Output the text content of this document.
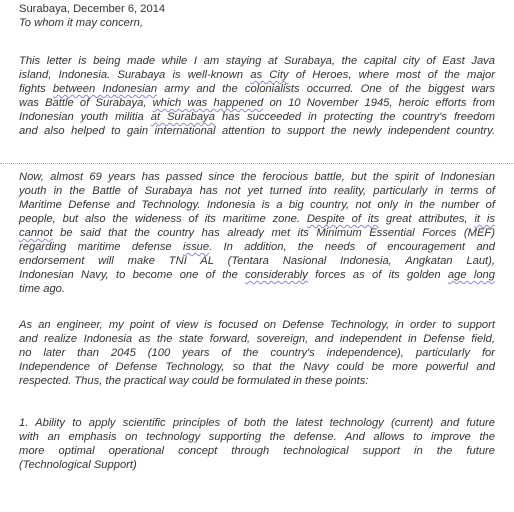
Surabaya, December 6, 2014
To whom it may concern,
This letter is being made while I am staying at Surabaya, the capital city of East Java
island, Indonesia. Surabaya is well-known as City of Heroes, where most of the major
fights between Indonesian army and the colonialists occurred. One of the biggest wars
was Battle of Surabaya, which was happened on 10 November 1945, heroic efforts from
Indonesian youth militia at Surabaya has succeeded in protecting the country's freedom
and also helped to gain international attention to support the newly independent country.
Now, almost 69 years has passed since the ferocious battle, but the spirit of Indonesian
youth in the Battle of Surabaya has not yet turned into reality, particularly in terms of
Maritime Defense and Technology. Indonesia is a big country, not only in the number of
people, but also the wideness of its maritime zone. Despite of its great attributes, it is
cannot be said that the country has already met its Minimum Essential Forces (MEF)
regarding maritime defense issue. In addition, the needs of encouragement and
endorsement will make TNI AL (Tentara Nasional Indonesia, Angkatan Laut),
Indonesian Navy, to become one of the considerably forces as of its golden age long
time ago.
As an engineer, my point of view is focused on Defense Technology, in order to support
and realize Indonesia as the state forward, sovereign, and independent in Defense field,
no later than 2045 (100 years of the country's independence), particularly for
Independence of Defense Technology, so that the Navy could be more powerful and
respected. Thus, the practical way could be formulated in these points:
1. Ability to apply scientific principles of both the latest technology (current) and future
with an emphasis on technology supporting the defense. And allows to improve the
more optimal operational concept through technological support in the future
(Technological Support)
